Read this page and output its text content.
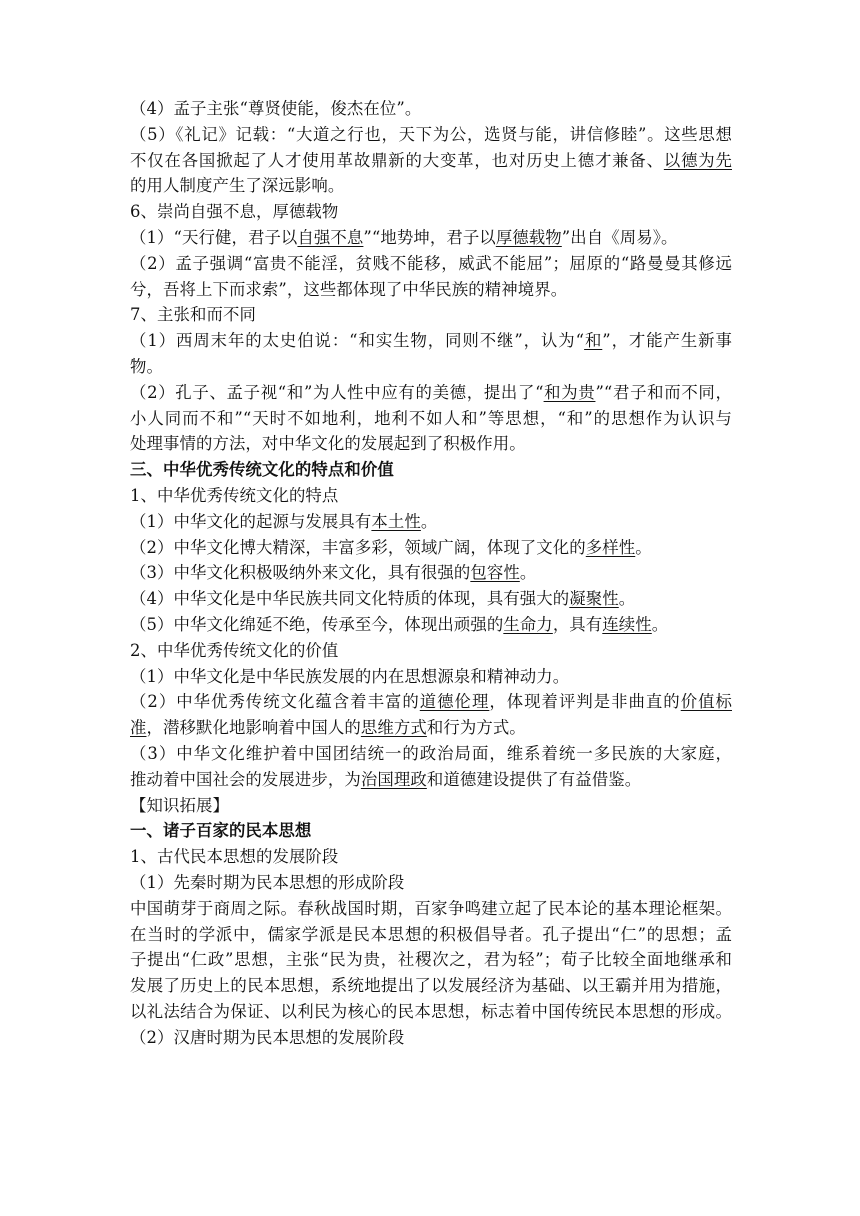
（4）孟子主张“尊贤使能，俊杰在位”。
（5）《礼记》记载：“大道之行也，天下为公，选贤与能，讲信修睦”。这些思想
不仅在各国掀起了人才使用革故鼎新的大变革，也对历史上德才兼备、以德为先
的用人制度产生了深远影响。
6、崇尚自强不息，厚德载物
（1）“天行健，君子以自强不息”“地势坤，君子以厚德载物”出自《周易》。
（2）孟子强调“富贵不能淫，贫贱不能移，威武不能屈”；屈原的“路曼曼其修远
兮，吾将上下而求索”，这些都体现了中华民族的精神境界。
7、主张和而不同
（1）西周末年的太史伯说：“和实生物，同则不继”，认为“和”，才能产生新事
物。
（2）孔子、孟子视“和”为人性中应有的美德，提出了“和为贵”“君子和而不同，
小人同而不和”“天时不如地利，地利不如人和”等思想，“和”的思想作为认识与
处理事情的方法，对中华文化的发展起到了积极作用。
三、中华优秀传统文化的特点和价值
1、中华优秀传统文化的特点
（1）中华文化的起源与发展具有本土性。
（2）中华文化博大精深，丰富多彩，领域广阔，体现了文化的多样性。
（3）中华文化积极吸纳外来文化，具有很强的包容性。
（4）中华文化是中华民族共同文化特质的体现，具有强大的凝聚性。
（5）中华文化绵延不绝，传承至今，体现出顽强的生命力，具有连续性。
2、中华优秀传统文化的价值
（1）中华文化是中华民族发展的内在思想源泉和精神动力。
（2）中华优秀传统文化蕴含着丰富的道德伦理，体现着评判是非曲直的价值标
准，潜移默化地影响着中国人的思维方式和行为方式。
（3）中华文化维护着中国团结统一的政治局面，维系着统一多民族的大家庭，
推动着中国社会的发展进步，为治国理政和道德建设提供了有益借鉴。
【知识拓展】
一、诸子百家的民本思想
1、古代民本思想的发展阶段
（1）先秦时期为民本思想的形成阶段
中国萌芽于商周之际。春秋战国时期，百家争鸣建立起了民本论的基本理论框架。
在当时的学派中，儒家学派是民本思想的积极倡导者。孔子提出“仁”的思想；孟
子提出“仁政”思想，主张“民为贵，社稷次之，君为轻”；荀子比较全面地继承和
发展了历史上的民本思想，系统地提出了以发展经济为基础、以王霸并用为措施，
以礼法结合为保证、以利民为核心的民本思想，标志着中国传统民本思想的形成。
（2）汉唐时期为民本思想的发展阶段
